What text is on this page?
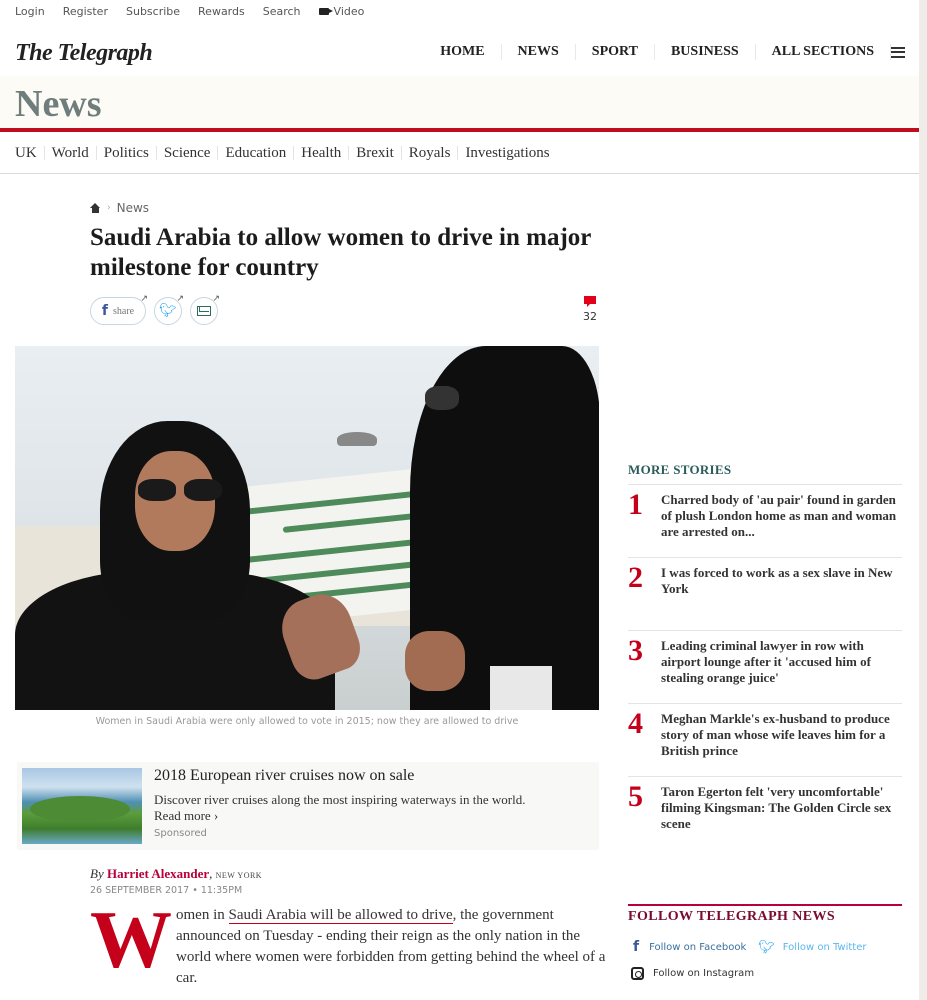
Login Register Subscribe Rewards Search	Video
The Telegraph	HOME	NEWS	SPORT	BUSINESS	ALL SECTIONS
News
UK	World	Politics	Science	Education	Health	Brexit	Royals	Investigations
› News
Saudi Arabia to allow women to drive in major milestone for country
f share
↗
🐦︎
↗	↗
32
Women in Saudi Arabia were only allowed to vote in 2015; now they are allowed to drive
2018 European river cruises now on sale
Discover river cruises along the most inspiring waterways in the world.
Read more ›
Sponsored
By Harriet Alexander, NEW YORK
26 SEPTEMBER 2017 • 11:35PM
W omen in Saudi Arabia will be allowed to drive, the government announced on Tuesday - ending their reign as the only nation in the world where women were forbidden from getting behind the wheel of a car.

MORE STORIES
1	Charred body of 'au pair' found in garden of plush London home as man and woman are arrested on...
2	I was forced to work as a sex slave in New York
3	Leading criminal lawyer in row with airport lounge after it 'accused him of stealing orange juice'
4	Meghan Markle's ex-husband to produce story of man whose wife leaves him for a British prince
5	Taron Egerton felt 'very uncomfortable' filming Kingsman: The Golden Circle sex scene
FOLLOW TELEGRAPH NEWS
f Follow on Facebook 🐦︎ Follow on Twitter
Follow on Instagram
